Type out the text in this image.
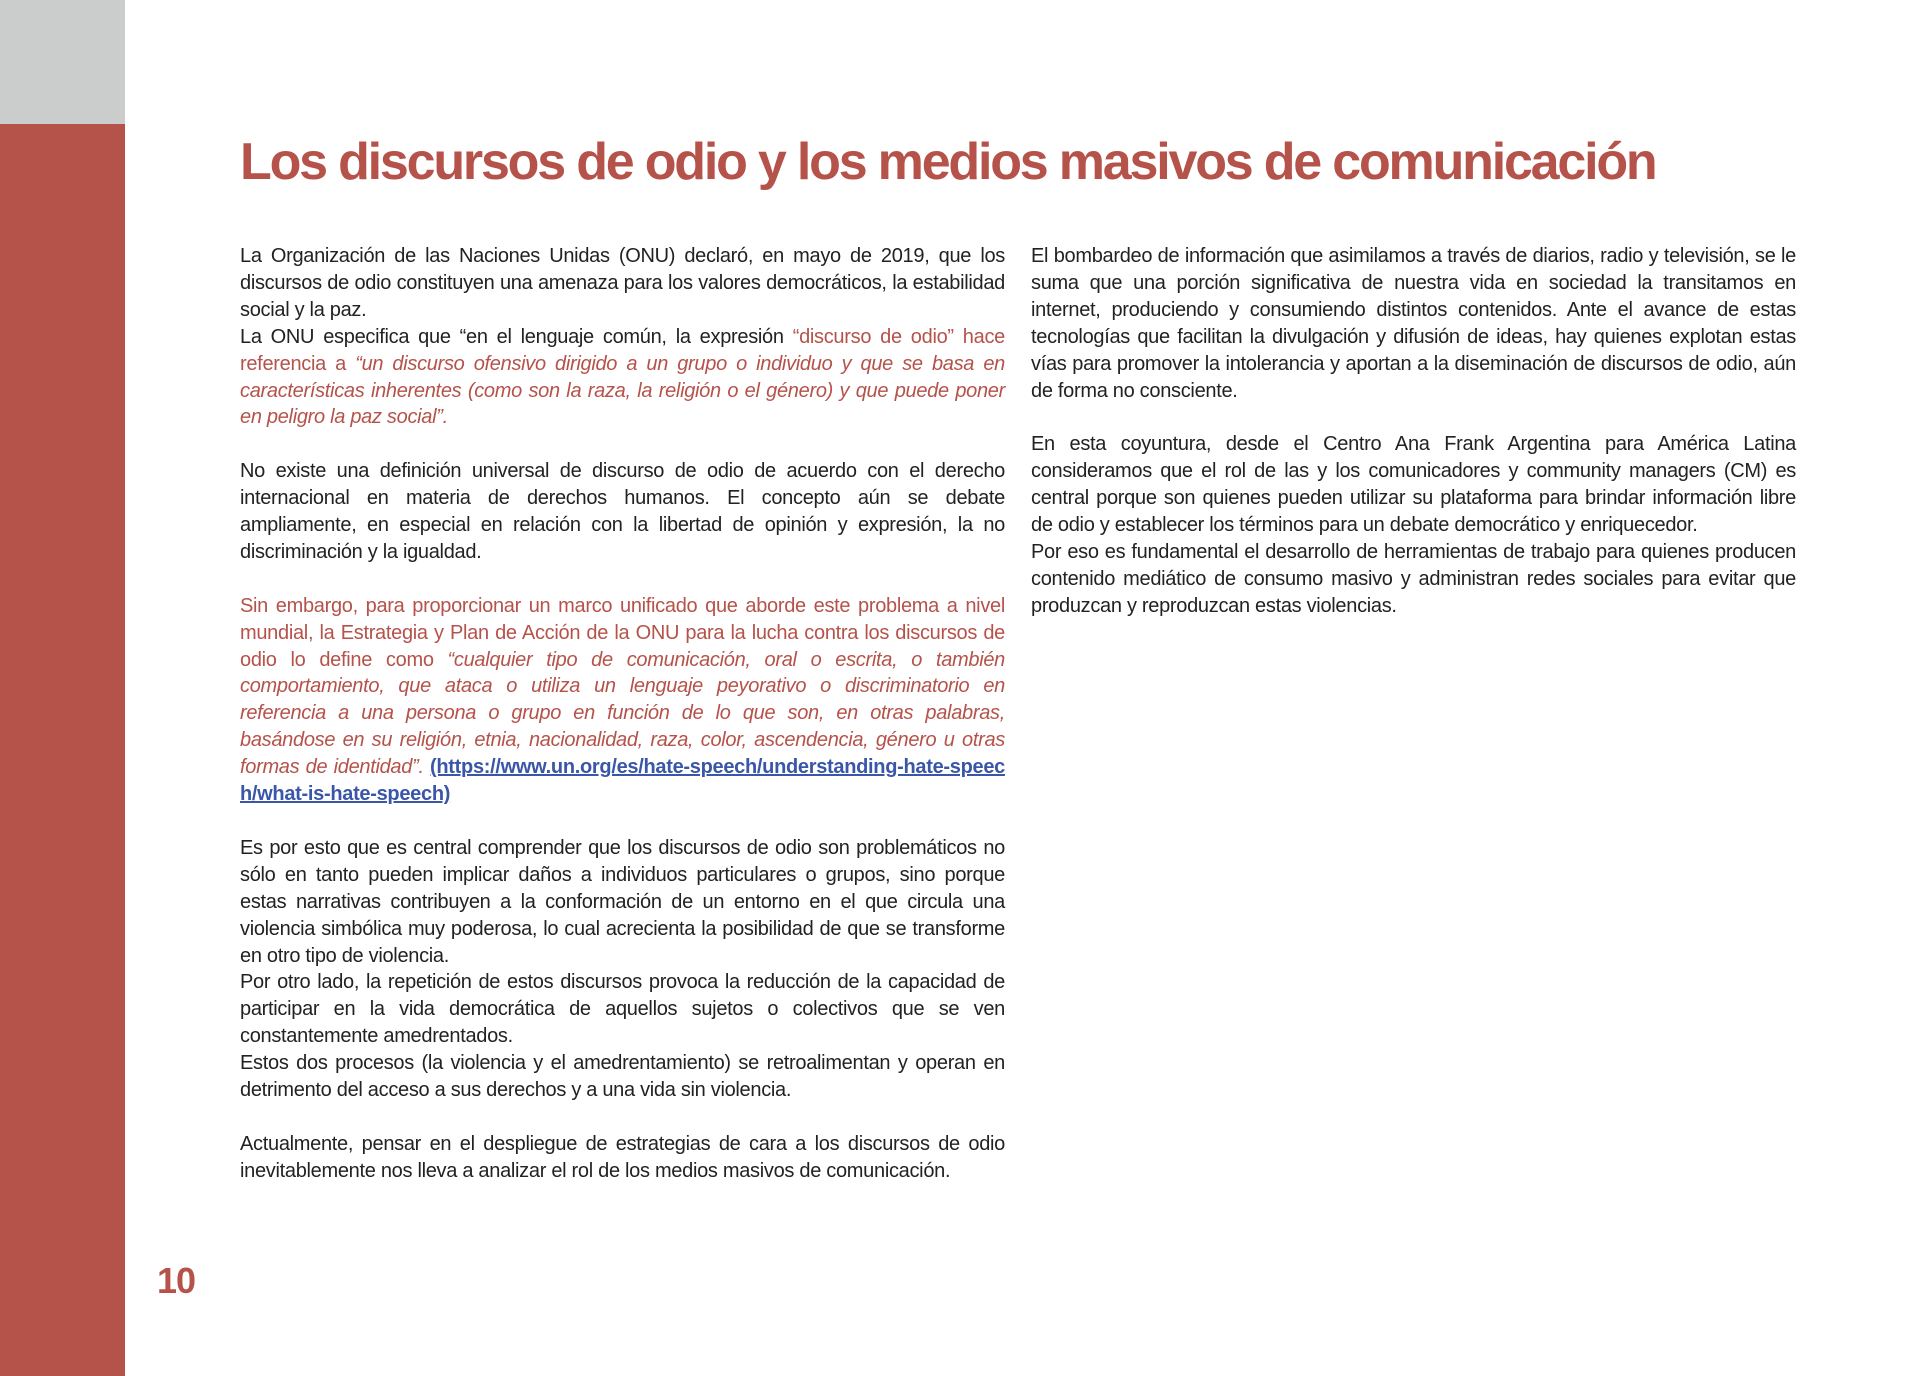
Los discursos de odio y los medios masivos de comunicación

La Organización de las Naciones Unidas (ONU) declaró, en mayo de 2019, que los discursos de odio constituyen una amenaza para los valores democráticos, la estabilidad social y la paz.

La ONU especifica que “en el lenguaje común, la expresión “discurso de odio” hace referencia a “un discurso ofensivo dirigido a un grupo o individuo y que se basa en características inherentes (como son la raza, la religión o el género) y que puede poner en peligro la paz social”.

No existe una definición universal de discurso de odio de acuerdo con el derecho internacional en materia de derechos humanos. El concepto aún se debate ampliamente, en especial en relación con la libertad de opinión y expresión, la no discriminación y la igualdad.

Sin embargo, para proporcionar un marco unificado que aborde este problema a nivel mundial, la Estrategia y Plan de Acción de la ONU para la lucha contra los discursos de odio lo define como “cualquier tipo de comunicación, oral o escrita, o también comportamiento, que ataca o utiliza un lenguaje peyorativo o discriminatorio en referencia a una persona o grupo en función de lo que son, en otras palabras, basándose en su religión, etnia, nacionalidad, raza, color, ascendencia, género u otras formas de identidad”. (https://www.un.org/es/hate-speech/understanding-hate-speech/what-is-hate-speech)

Es por esto que es central comprender que los discursos de odio son problemáticos no sólo en tanto pueden implicar daños a individuos particulares o grupos, sino porque estas narrativas contribuyen a la conformación de un entorno en el que circula una violencia simbólica muy poderosa, lo cual acrecienta la posibilidad de que se transforme en otro tipo de violencia.

Por otro lado, la repetición de estos discursos provoca la reducción de la capacidad de participar en la vida democrática de aquellos sujetos o colectivos que se ven constantemente amedrentados.

Estos dos procesos (la violencia y el amedrentamiento) se retroalimentan y operan en detrimento del acceso a sus derechos y a una vida sin violencia.

Actualmente, pensar en el despliegue de estrategias de cara a los discursos de odio inevitablemente nos lleva a analizar el rol de los medios masivos de comunicación.

El bombardeo de información que asimilamos a través de diarios, radio y televisión, se le suma que una porción significativa de nuestra vida en sociedad la transitamos en internet, produciendo y consumiendo distintos contenidos. Ante el avance de estas tecnologías que facilitan la divulgación y difusión de ideas, hay quienes explotan estas vías para promover la intolerancia y aportan a la diseminación de discursos de odio, aún de forma no consciente.

En esta coyuntura, desde el Centro Ana Frank Argentina para América Latina consideramos que el rol de las y los comunicadores y community managers (CM) es central porque son quienes pueden utilizar su plataforma para brindar información libre de odio y establecer los términos para un debate democrático y enriquecedor.

Por eso es fundamental el desarrollo de herramientas de trabajo para quienes producen contenido mediático de consumo masivo y administran redes sociales para evitar que produzcan y reproduzcan estas violencias.

10
